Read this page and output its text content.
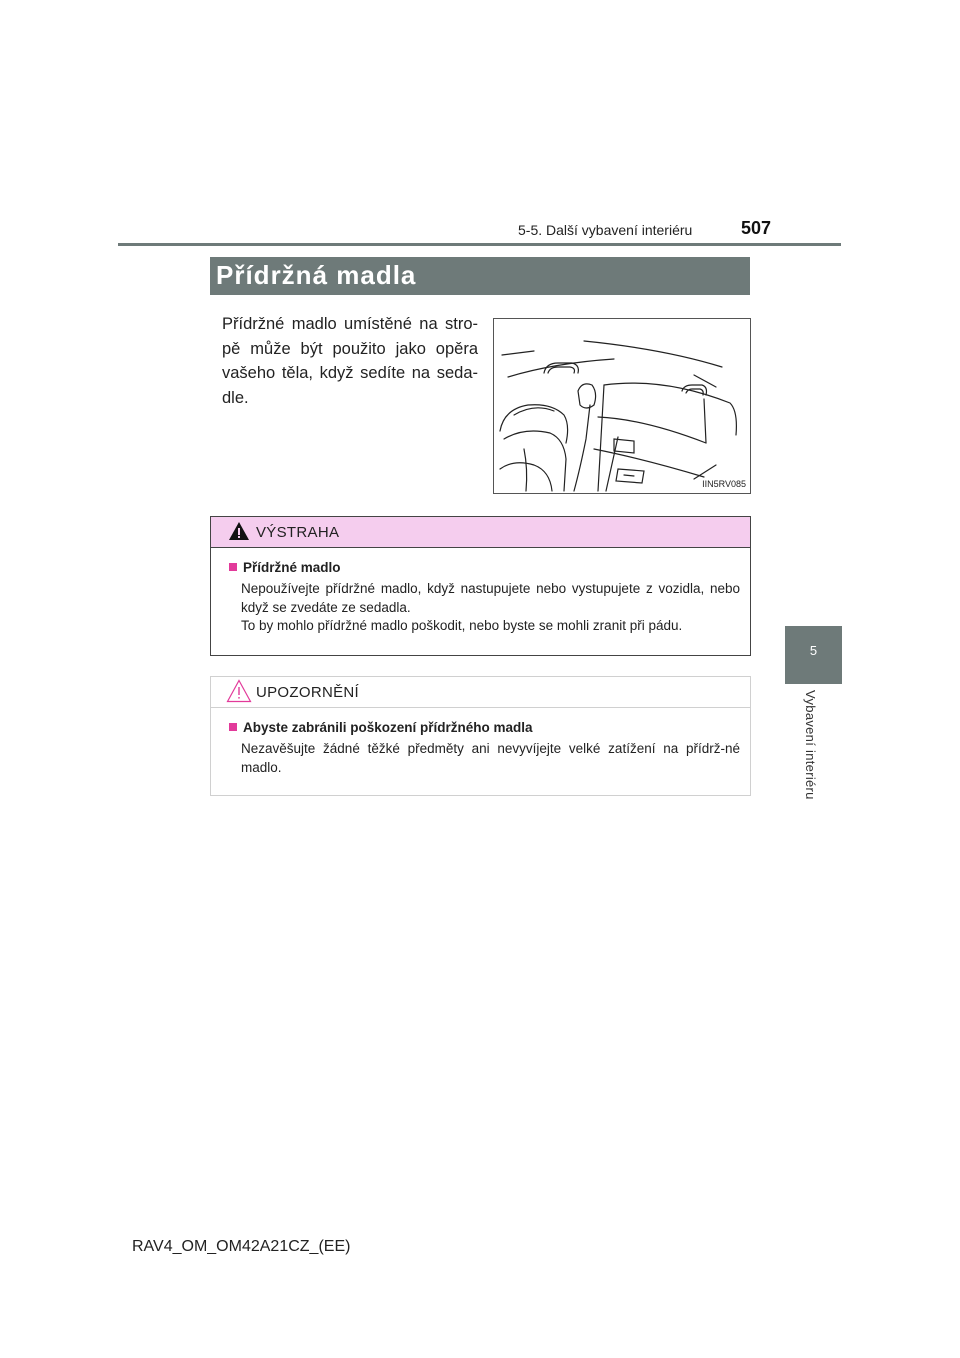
5-5. Další vybavení interiéru	507
5
Vybavení interiéru
Přídržná madla
Přídržné madlo umístěné na stro-pě může být použito jako opěra vašeho těla, když sedíte na seda-dle.
IIN5RV085
VÝSTRAHA
Přídržné madlo
Nepoužívejte přídržné madlo, když nastupujete nebo vystupujete z vozidla, nebo když se zvedáte ze sedadla.
To by mohlo přídržné madlo poškodit, nebo byste se mohli zranit při pádu.
UPOZORNĚNÍ
Abyste zabránili poškození přídržného madla
Nezavěšujte žádné těžké předměty ani nevyvíjejte velké zatížení na přídrž-né madlo.
RAV4_OM_OM42A21CZ_(EE)
